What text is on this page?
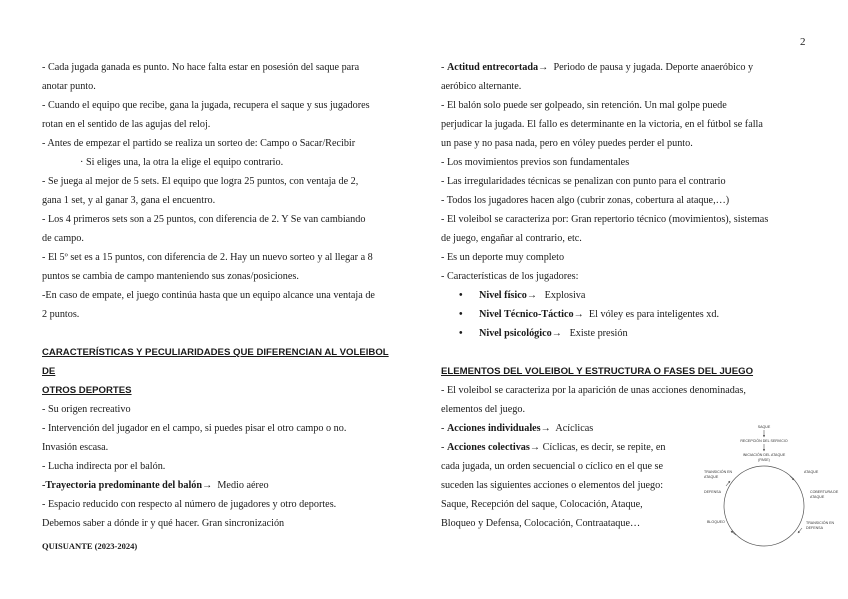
2

- Cada jugada ganada es punto. No hace falta estar en posesión del saque para

anotar punto.

- Cuando el equipo que recibe, gana la jugada, recupera el saque y sus jugadores

rotan en el sentido de las agujas del reloj.

- Antes de empezar el partido se realiza un sorteo de: Campo o Sacar/Recibir

· Si eliges una, la otra la elige el equipo contrario.

- Se juega al mejor de 5 sets. El equipo que logra 25 puntos, con ventaja de 2,

gana 1 set, y al ganar 3, gana el encuentro.

- Los 4 primeros sets son a 25 puntos, con diferencia de 2. Y Se van cambiando

de campo.

- El 5º set es a 15 puntos, con diferencia de 2. Hay un nuevo sorteo y al llegar a 8

puntos se cambia de campo manteniendo sus zonas/posiciones.

-En caso de empate, el juego continúa hasta que un equipo alcance una ventaja de

2 puntos.

CARACTERÍSTICAS Y PECULIARIDADES QUE DIFERENCIAN AL VOLEIBOL DE

OTROS DEPORTES

- Su origen recreativo

- Intervención del jugador en el campo, si puedes pisar el otro campo o no.

Invasión escasa.

- Lucha indirecta por el balón.

-Trayectoria predominante del balón→ Medio aéreo

- Espacio reducido con respecto al número de jugadores y otro deportes.

Debemos saber a dónde ir y qué hacer. Gran sincronización

- Actitud entrecortada→ Periodo de pausa y jugada. Deporte anaeróbico y

aeróbico alternante.

- El balón solo puede ser golpeado, sin retención. Un mal golpe puede

perjudicar la jugada. El fallo es determinante en la victoria, en el fútbol se falla

un pase y no pasa nada, pero en vóley puedes perder el punto.

- Los movimientos previos son fundamentales

- Las irregularidades técnicas se penalizan con punto para el contrario

- Todos los jugadores hacen algo (cubrir zonas, cobertura al ataque,…)

- El voleibol se caracteriza por: Gran repertorio técnico (movimientos), sistemas

de juego, engañar al contrario, etc.

- Es un deporte muy completo

- Características de los jugadores:

• Nivel físico→ Explosiva
• Nivel Técnico-Táctico→ El vóley es para inteligentes xd.
• Nivel psicológico→ Existe presión

ELEMENTOS DEL VOLEIBOL Y ESTRUCTURA O FASES DEL JUEGO

- El voleibol se caracteriza por la aparición de unas acciones denominadas,

elementos del juego.

- Acciones individuales→ Acíclicas

- Acciones colectivas→ Cíclicas, es decir, se repite, en

cada jugada, un orden secuencial o cíclico en el que se

suceden las siguientes acciones o elementos del juego:

Saque, Recepción del saque, Colocación, Ataque,

Bloqueo y Defensa, Colocación, Contraataque…

SAQUE
RECEPCIÓN DEL SERVICIO
INICIACIÓN DEL ATAQUE
(PASE)
ATAQUE
TRANSICIÓN EN
ATAQUE
COBERTURA DE
ATAQUE
DEFENSA
TRANSICIÓN EN
DEFENSA
BLOQUEO
QUISUANTE (2023-2024)
